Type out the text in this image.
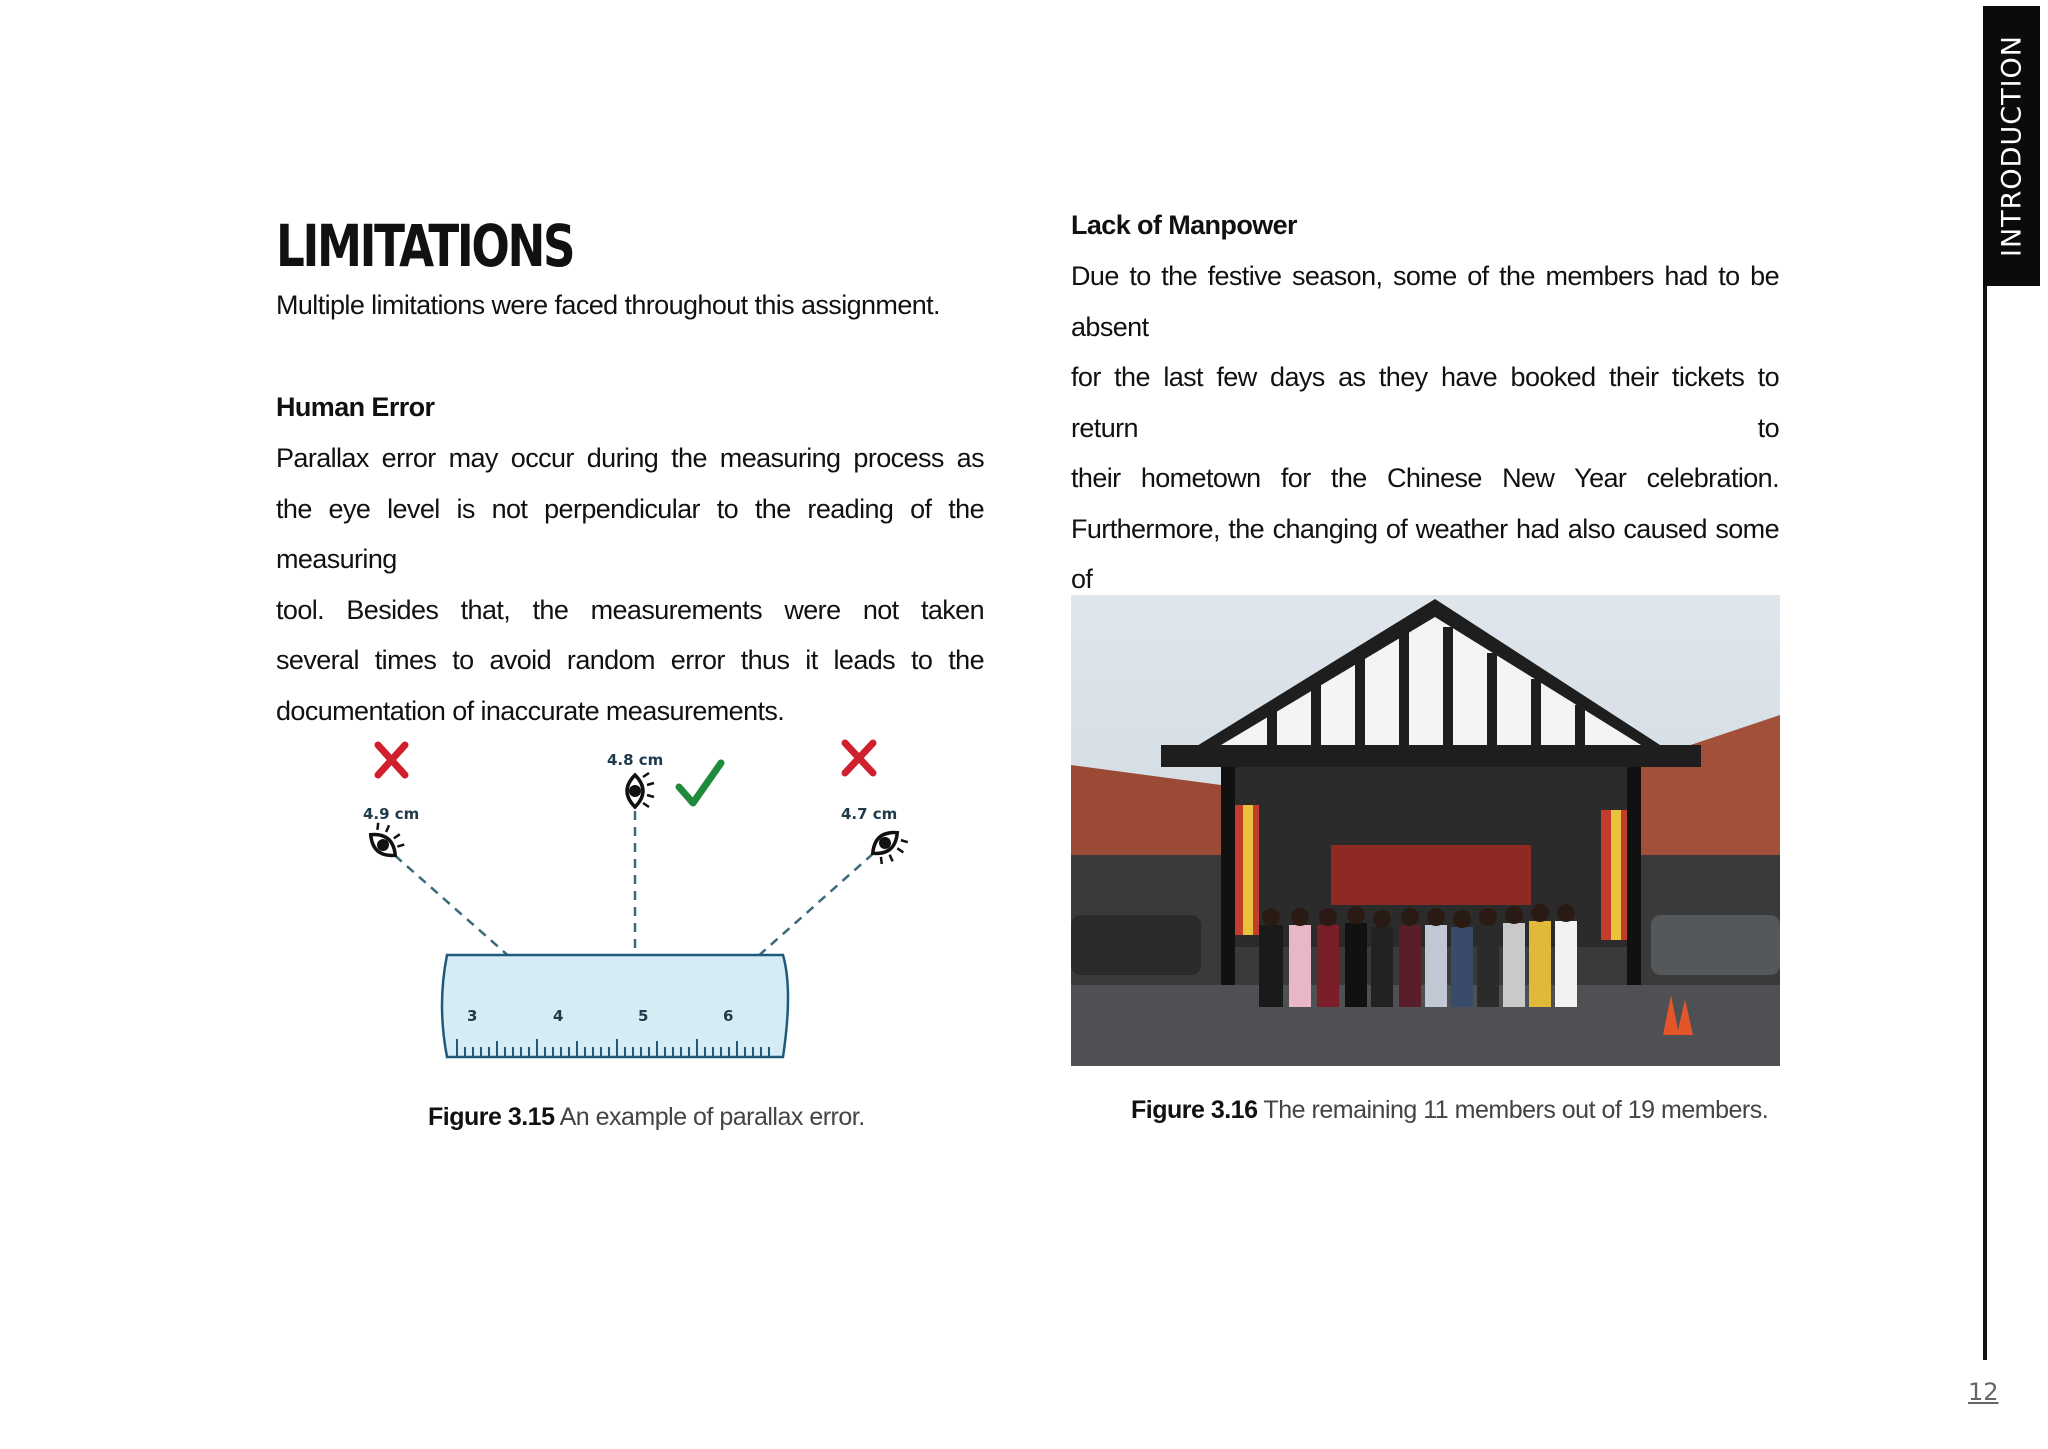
LIMITATIONS
Multiple limitations were faced throughout this assignment.
Human Error

Parallax error may occur during the measuring process as

the eye level is not perpendicular to the reading of the measuring

tool. Besides that, the measurements were not taken

several times to avoid random error thus it leads to the

documentation of inaccurate measurements.

3	4	5	6
4.9 cm
4.8 cm
4.7 cm
Figure 3.15 An example of parallax error.
Lack of Manpower

Due to the festive season, some of the members had to be absent

for the last few days as they have booked their tickets to return to

their hometown for the Chinese New Year celebration.

Furthermore, the changing of weather had also caused some of

Figure 3.16 The remaining 11 members out of 19 members.
INTRODUCTION
12
